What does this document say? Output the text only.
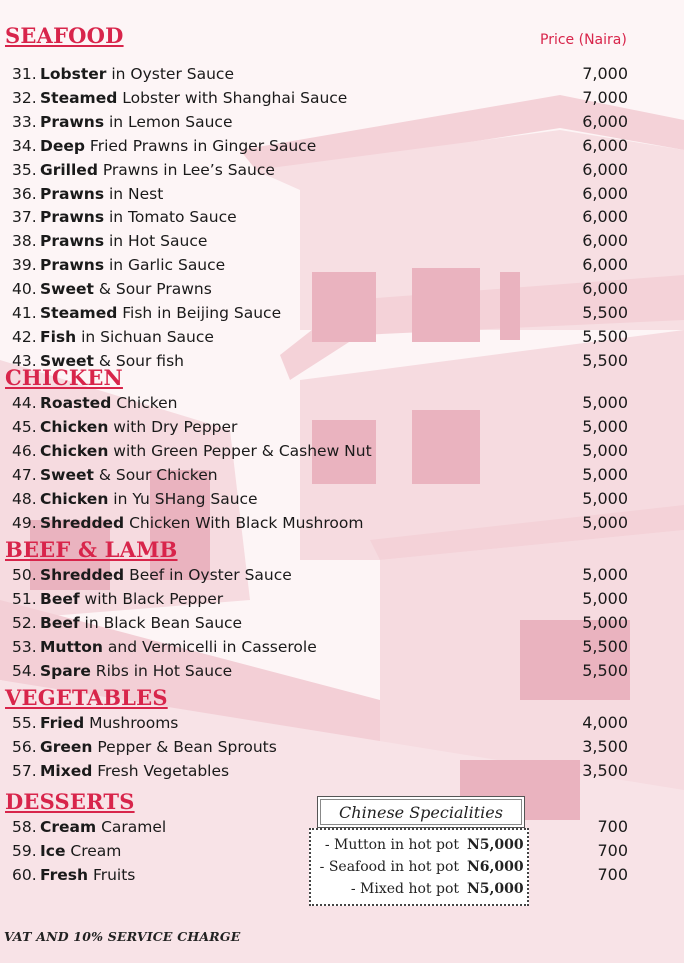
Price (Naira)
SEAFOOD
31. Lobster in Oyster Sauce	7,000
32. Steamed Lobster with Shanghai Sauce	7,000
33. Prawns in Lemon Sauce	6,000
34. Deep Fried Prawns in Ginger Sauce	6,000
35. Grilled Prawns in Lee’s Sauce	6,000
36. Prawns in Nest	6,000
37. Prawns in Tomato Sauce	6,000
38. Prawns in Hot Sauce	6,000
39. Prawns in Garlic Sauce	6,000
40. Sweet & Sour Prawns	6,000
41. Steamed Fish in Beijing Sauce	5,500
42. Fish in Sichuan Sauce	5,500
43. Sweet & Sour fish	5,500
CHICKEN
44. Roasted Chicken	5,000
45. Chicken with Dry Pepper	5,000
46. Chicken with Green Pepper & Cashew Nut	5,000
47. Sweet & Sour Chicken	5,000
48. Chicken in Yu SHang Sauce	5,000
49. Shredded Chicken With Black Mushroom	5,000
BEEF & LAMB
50. Shredded Beef in Oyster Sauce	5,000
51. Beef with Black Pepper	5,000
52. Beef in Black Bean Sauce	5,000
53. Mutton and Vermicelli in Casserole	5,500
54. Spare Ribs in Hot Sauce	5,500
VEGETABLES
55. Fried Mushrooms	4,000
56. Green Pepper & Bean Sprouts	3,500
57. Mixed Fresh Vegetables	3,500
DESSERTS
58. Cream Caramel	700
59. Ice Cream	700
60. Fresh Fruits	700
Chinese Specialities
- Mutton in hot pot N5,000
- Seafood in hot pot N6,000
- Mixed hot pot N5,000
VAT AND 10% SERVICE CHARGE
